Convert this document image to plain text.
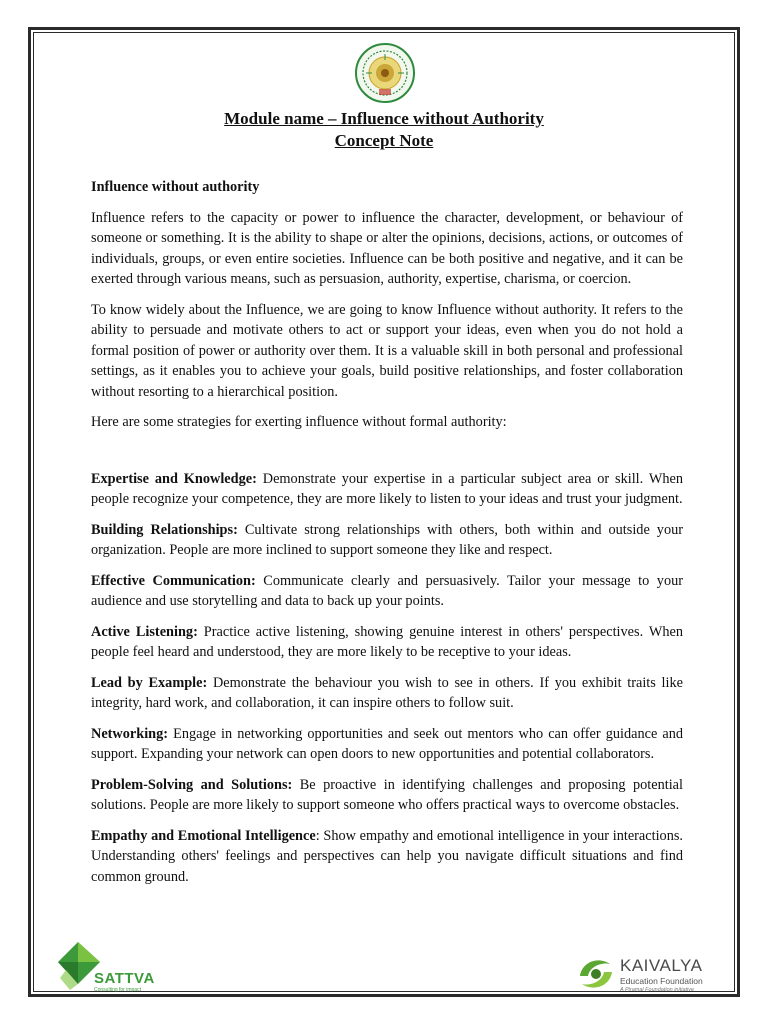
Module name – Influence without Authority

Concept Note

Influence without authority

Influence refers to the capacity or power to influence the character, development, or behaviour of someone or something. It is the ability to shape or alter the opinions, decisions, actions, or outcomes of individuals, groups, or even entire societies. Influence can be both positive and negative, and it can be exerted through various means, such as persuasion, authority, expertise, charisma, or coercion.

To know widely about the Influence, we are going to know Influence without authority. It refers to the ability to persuade and motivate others to act or support your ideas, even when you do not hold a formal position of power or authority over them. It is a valuable skill in both personal and professional settings, as it enables you to achieve your goals, build positive relationships, and foster collaboration without resorting to a hierarchical position.

Here are some strategies for exerting influence without formal authority:

Expertise and Knowledge: Demonstrate your expertise in a particular subject area or skill. When people recognize your competence, they are more likely to listen to your ideas and trust your judgment.

Building Relationships: Cultivate strong relationships with others, both within and outside your organization. People are more inclined to support someone they like and respect.

Effective Communication: Communicate clearly and persuasively. Tailor your message to your audience and use storytelling and data to back up your points.

Active Listening: Practice active listening, showing genuine interest in others' perspectives. When people feel heard and understood, they are more likely to be receptive to your ideas.

Lead by Example: Demonstrate the behaviour you wish to see in others. If you exhibit traits like integrity, hard work, and collaboration, it can inspire others to follow suit.

Networking: Engage in networking opportunities and seek out mentors who can offer guidance and support. Expanding your network can open doors to new opportunities and potential collaborators.

Problem-Solving and Solutions: Be proactive in identifying challenges and proposing potential solutions. People are more likely to support someone who offers practical ways to overcome obstacles.

Empathy and Emotional Intelligence: Show empathy and emotional intelligence in your interactions. Understanding others' feelings and perspectives can help you navigate difficult situations and find common ground.

SATTVA
Consulting for impact
KAIVALYA
Education Foundation
A Piramal Foundation initiative
